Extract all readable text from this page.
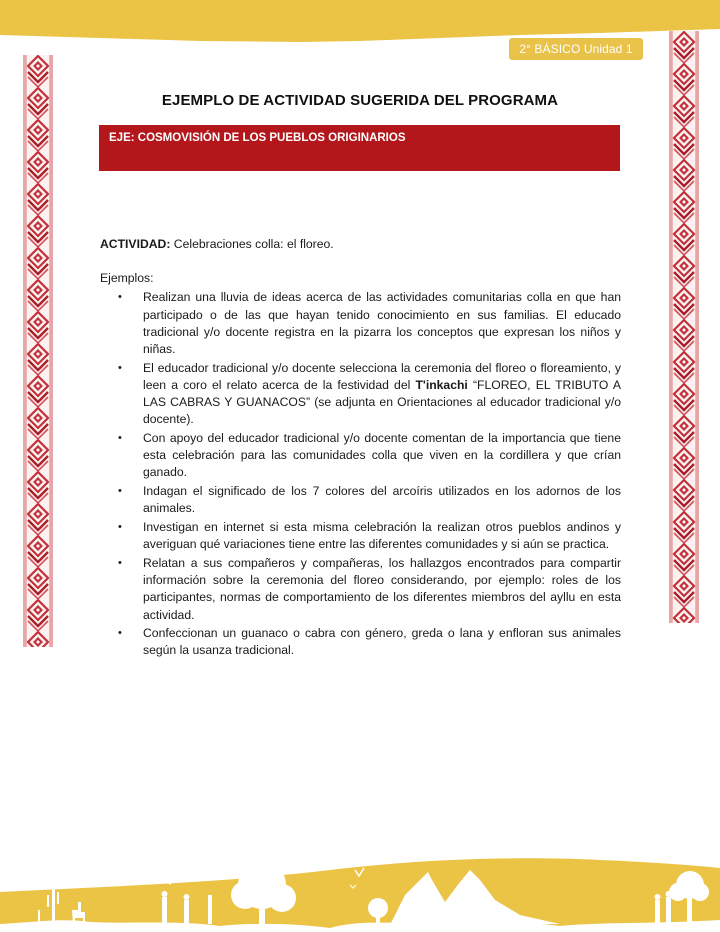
2° BÁSICO Unidad 1
EJEMPLO DE ACTIVIDAD SUGERIDA DEL PROGRAMA
EJE: COSMOVISIÓN DE LOS PUEBLOS ORIGINARIOS

ACTIVIDAD: Celebraciones colla: el floreo.

Ejemplos:

• Realizan una lluvia de ideas acerca de las actividades comunitarias colla en que han participado o de las que hayan tenido conocimiento en sus familias. El educado tradicional y/o docente registra en la pizarra los conceptos que expresan los niños y niñas.
• El educador tradicional y/o docente selecciona la ceremonia del floreo o floreamiento, y leen a coro el relato acerca de la festividad del T'inkachi “FLOREO, EL TRIBUTO A LAS CABRAS Y GUANACOS” (se adjunta en Orientaciones al educador tradicional y/o docente).
• Con apoyo del educador tradicional y/o docente comentan de la importancia que tiene esta celebración para las comunidades colla que viven en la cordillera y que crían ganado.
• Indagan el significado de los 7 colores del arcoíris utilizados en los adornos de los animales.
• Investigan en internet si esta misma celebración la realizan otros pueblos andinos y averiguan qué variaciones tiene entre las diferentes comunidades y si aún se practica.
• Relatan a sus compañeros y compañeras, los hallazgos encontrados para compartir información sobre la ceremonia del floreo considerando, por ejemplo: roles de los participantes, normas de comportamiento de los diferentes miembros del ayllu en esta actividad.
• Confeccionan un guanaco o cabra con género, greda o lana y enfloran sus animales según la usanza tradicional.
